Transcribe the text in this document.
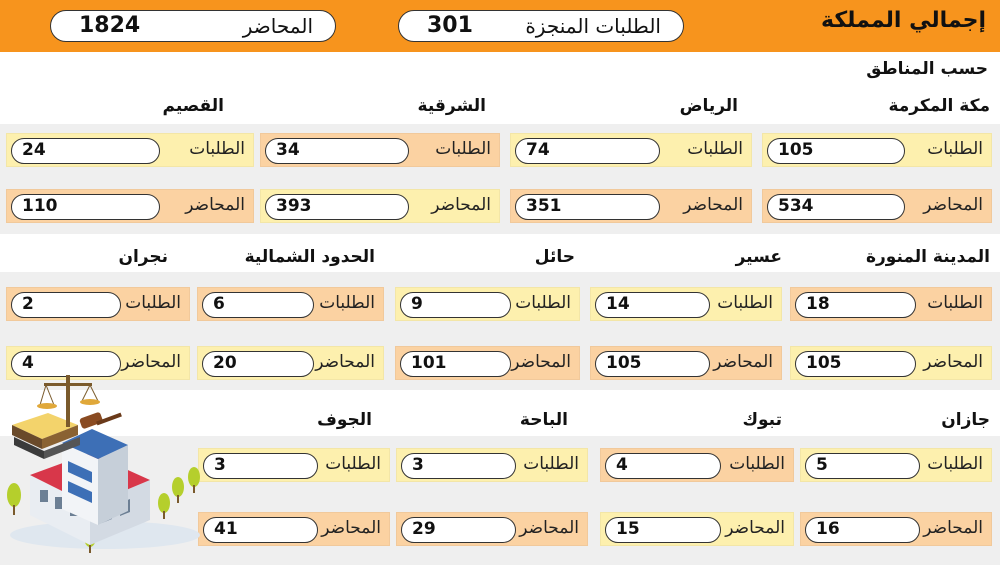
إجمالي المملكة
الطلبات المنجزة
301
المحاضر
1824
حسب المناطق
مكة المكرمة
الطلبات
105
المحاضر
534
الرياض
الطلبات
74
المحاضر
351
الشرقية
الطلبات
34
المحاضر
393
القصيم
الطلبات
24
المحاضر
110
المدينة المنورة
الطلبات
18
المحاضر
105
عسير
الطلبات
14
المحاضر
105
حائل
الطلبات
9
المحاضر
101
الحدود الشمالية
الطلبات
6
المحاضر
20
نجران
الطلبات
2
المحاضر
4
جازان
الطلبات
5
المحاضر
16
تبوك
الطلبات
4
المحاضر
15
الباحة
الطلبات
3
المحاضر
29
الجوف
الطلبات
3
المحاضر
41
